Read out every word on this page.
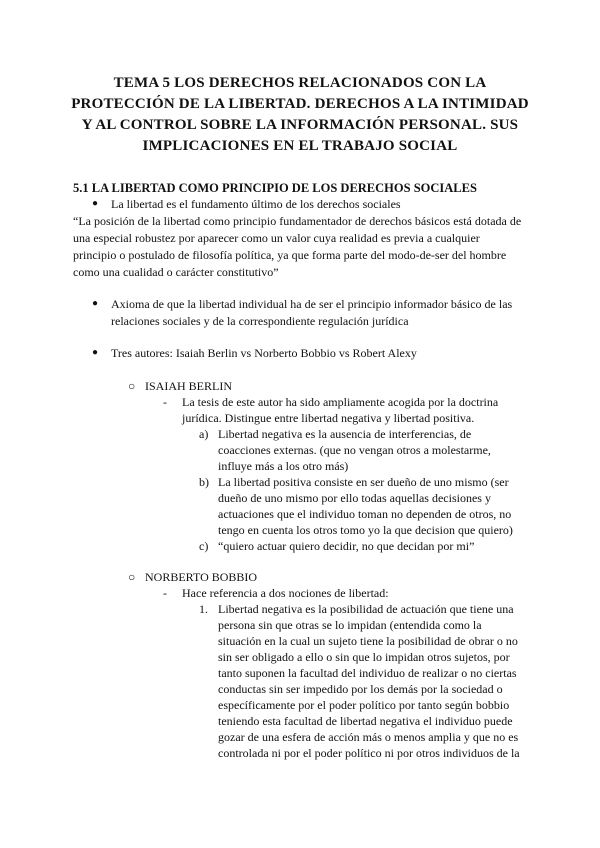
TEMA 5 LOS DERECHOS RELACIONADOS CON LA
PROTECCIÓN DE LA LIBERTAD. DERECHOS A LA INTIMIDAD
Y AL CONTROL SOBRE LA INFORMACIÓN PERSONAL. SUS
IMPLICACIONES EN EL TRABAJO SOCIAL
5.1 LA LIBERTAD COMO PRINCIPIO DE LOS DERECHOS SOCIALES
● La libertad es el fundamento último de los derechos sociales
“La posición de la libertad como principio fundamentador de derechos básicos está dotada de
una especial robustez por aparecer como un valor cuya realidad es previa a cualquier
principio o postulado de filosofía política, ya que forma parte del modo-de-ser del hombre
como una cualidad o carácter constitutivo”
● Axioma de que la libertad individual ha de ser el principio informador básico de las
relaciones sociales y de la correspondiente regulación jurídica
● Tres autores: Isaiah Berlin vs Norberto Bobbio vs Robert Alexy
○ ISAIAH BERLIN
- La tesis de este autor ha sido ampliamente acogida por la doctrina
jurídica. Distingue entre libertad negativa y libertad positiva.
a) Libertad negativa es la ausencia de interferencias, de
coacciones externas. (que no vengan otros a molestarme,
influye más a los otro más)
b) La libertad positiva consiste en ser dueño de uno mismo (ser
dueño de uno mismo por ello todas aquellas decisiones y
actuaciones que el individuo toman no dependen de otros, no
tengo en cuenta los otros tomo yo la que decision que quiero)
c) “quiero actuar quiero decidir, no que decidan por mi”
○ NORBERTO BOBBIO
- Hace referencia a dos nociones de libertad:
1. Libertad negativa es la posibilidad de actuación que tiene una
persona sin que otras se lo impidan (entendida como la
situación en la cual un sujeto tiene la posibilidad de obrar o no
sin ser obligado a ello o sin que lo impidan otros sujetos, por
tanto suponen la facultad del individuo de realizar o no ciertas
conductas sin ser impedido por los demás por la sociedad o
específicamente por el poder político por tanto según bobbio
teniendo esta facultad de libertad negativa el individuo puede
gozar de una esfera de acción más o menos amplia y que no es
controlada ni por el poder político ni por otros individuos de la
